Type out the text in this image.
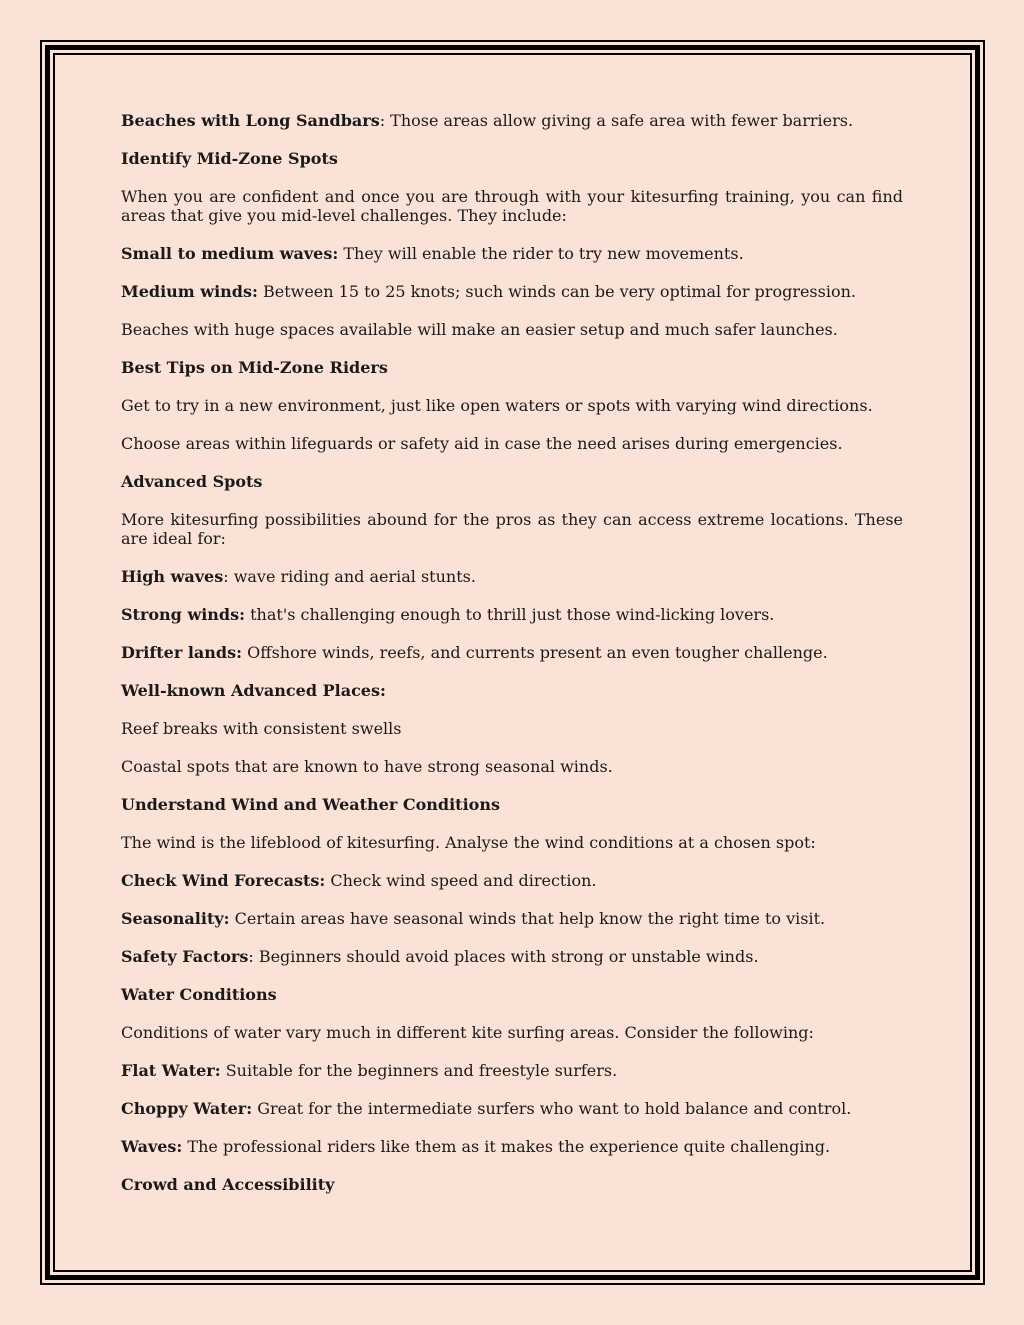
Beaches with Long Sandbars: Those areas allow giving a safe area with fewer barriers.

Identify Mid-Zone Spots

When you are confident and once you are through with your kitesurfing training, you can find areas that give you mid-level challenges. They include:

Small to medium waves: They will enable the rider to try new movements.

Medium winds: Between 15 to 25 knots; such winds can be very optimal for progression.

Beaches with huge spaces available will make an easier setup and much safer launches.

Best Tips on Mid-Zone Riders

Get to try in a new environment, just like open waters or spots with varying wind directions.

Choose areas within lifeguards or safety aid in case the need arises during emergencies.

Advanced Spots

More kitesurfing possibilities abound for the pros as they can access extreme locations. These are ideal for:

High waves: wave riding and aerial stunts.

Strong winds: that's challenging enough to thrill just those wind-licking lovers.

Drifter lands: Offshore winds, reefs, and currents present an even tougher challenge.

Well-known Advanced Places:

Reef breaks with consistent swells

Coastal spots that are known to have strong seasonal winds.

Understand Wind and Weather Conditions

The wind is the lifeblood of kitesurfing. Analyse the wind conditions at a chosen spot:

Check Wind Forecasts: Check wind speed and direction.

Seasonality: Certain areas have seasonal winds that help know the right time to visit.

Safety Factors: Beginners should avoid places with strong or unstable winds.

Water Conditions

Conditions of water vary much in different kite surfing areas. Consider the following:

Flat Water: Suitable for the beginners and freestyle surfers.

Choppy Water: Great for the intermediate surfers who want to hold balance and control.

Waves: The professional riders like them as it makes the experience quite challenging.

Crowd and Accessibility
